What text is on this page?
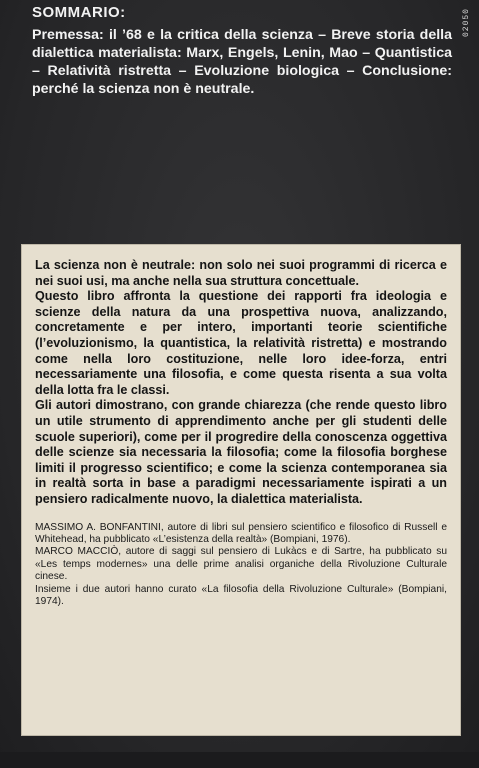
02050

SOMMARIO:

Premessa: il ’68 e la critica della scienza – Breve storia della dialettica materialista: Marx, Engels, Lenin, Mao – Quantistica – Relatività ristretta – Evoluzione biologica – Conclusione: perché la scienza non è neutrale.

La scienza non è neutrale: non solo nei suoi programmi di ricerca e nei suoi usi, ma anche nella sua struttura concettuale.

Questo libro affronta la questione dei rapporti fra ideologia e scienze della natura da una prospettiva nuova, analizzando, concretamente e per intero, importanti teorie scientifiche (l’evoluzionismo, la quantistica, la relatività ristretta) e mostrando come nella loro costituzione, nelle loro idee-forza, entri necessariamente una filosofia, e come questa risenta a sua volta della lotta fra le classi.

Gli autori dimostrano, con grande chiarezza (che rende questo libro un utile strumento di apprendimento anche per gli studenti delle scuole superiori), come per il progredire della conoscenza oggettiva delle scienze sia necessaria la filosofia; come la filosofia borghese limiti il progresso scientifico; e come la scienza contemporanea sia in realtà sorta in base a paradigmi necessariamente ispirati a un pensiero radicalmente nuovo, la dialettica materialista.

MASSIMO A. BONFANTINI, autore di libri sul pensiero scientifico e filosofico di Russell e Whitehead, ha pubblicato «L’esistenza della realtà» (Bompiani, 1976).

MARCO MACCIÒ, autore di saggi sul pensiero di Lukàcs e di Sartre, ha pubblicato su «Les temps modernes» una delle prime analisi organiche della Rivoluzione Culturale cinese.

Insieme i due autori hanno curato «La filosofia della Rivoluzione Culturale» (Bompiani, 1974).
